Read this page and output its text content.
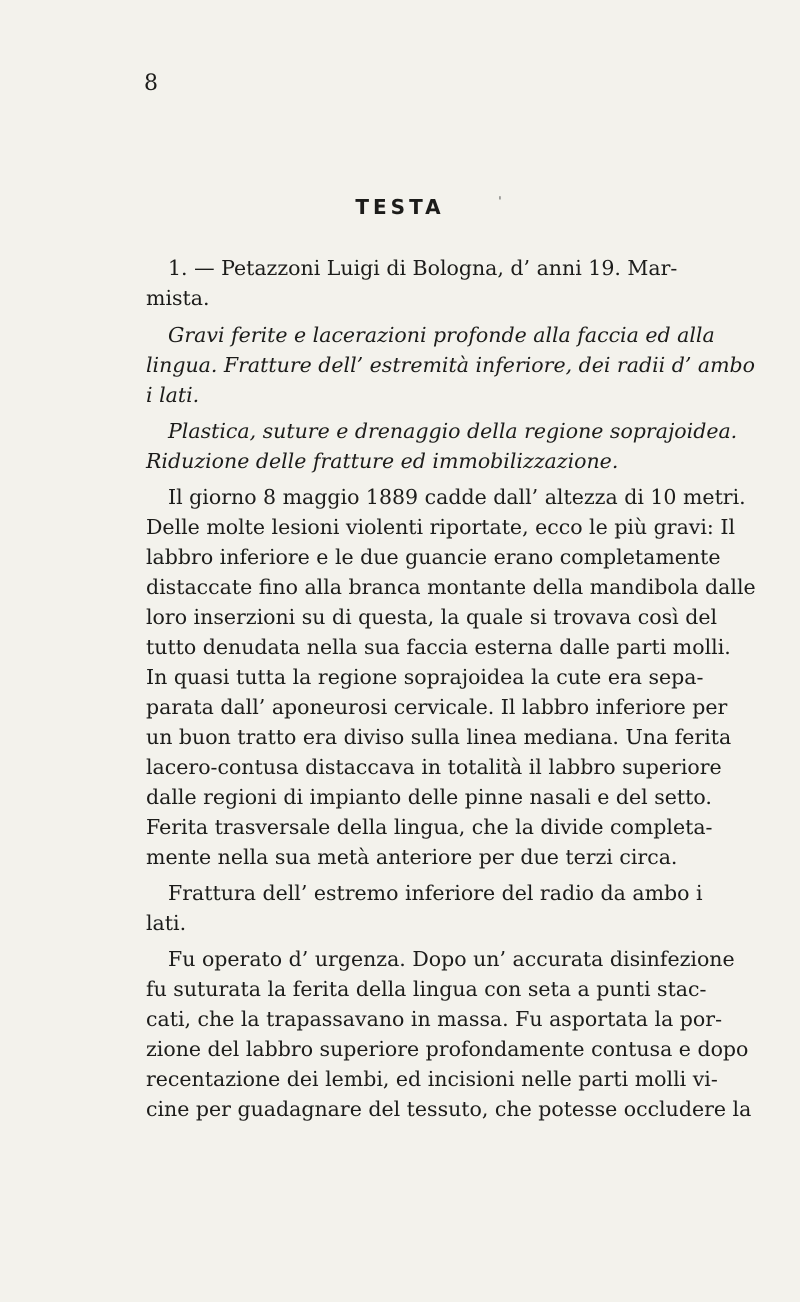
8
ˌ
TESTA
1. — Petazzoni Luigi di Bologna, d’ anni 19. Mar-
mista.
Gravi ferite e lacerazioni profonde alla faccia ed alla
lingua. Fratture dell’ estremità inferiore, dei radii d’ ambo
i lati.
Plastica, suture e drenaggio della regione soprajoidea.
Riduzione delle fratture ed immobilizzazione.
Il giorno 8 maggio 1889 cadde dall’ altezza di 10 metri.
Delle molte lesioni violenti riportate, ecco le più gravi: Il
labbro inferiore e le due guancie erano completamente
distaccate fino alla branca montante della mandibola dalle
loro inserzioni su di questa, la quale si trovava così del
tutto denudata nella sua faccia esterna dalle parti molli.
In quasi tutta la regione soprajoidea la cute era sepa-
parata dall’ aponeurosi cervicale. Il labbro inferiore per
un buon tratto era diviso sulla linea mediana. Una ferita
lacero-contusa distaccava in totalità il labbro superiore
dalle regioni di impianto delle pinne nasali e del setto.
Ferita trasversale della lingua, che la divide completa-
mente nella sua metà anteriore per due terzi circa.
Frattura dell’ estremo inferiore del radio da ambo i
lati.
Fu operato d’ urgenza. Dopo un’ accurata disinfezione
fu suturata la ferita della lingua con seta a punti stac-
cati, che la trapassavano in massa. Fu asportata la por-
zione del labbro superiore profondamente contusa e dopo
recentazione dei lembi, ed incisioni nelle parti molli vi-
cine per guadagnare del tessuto, che potesse occludere la
